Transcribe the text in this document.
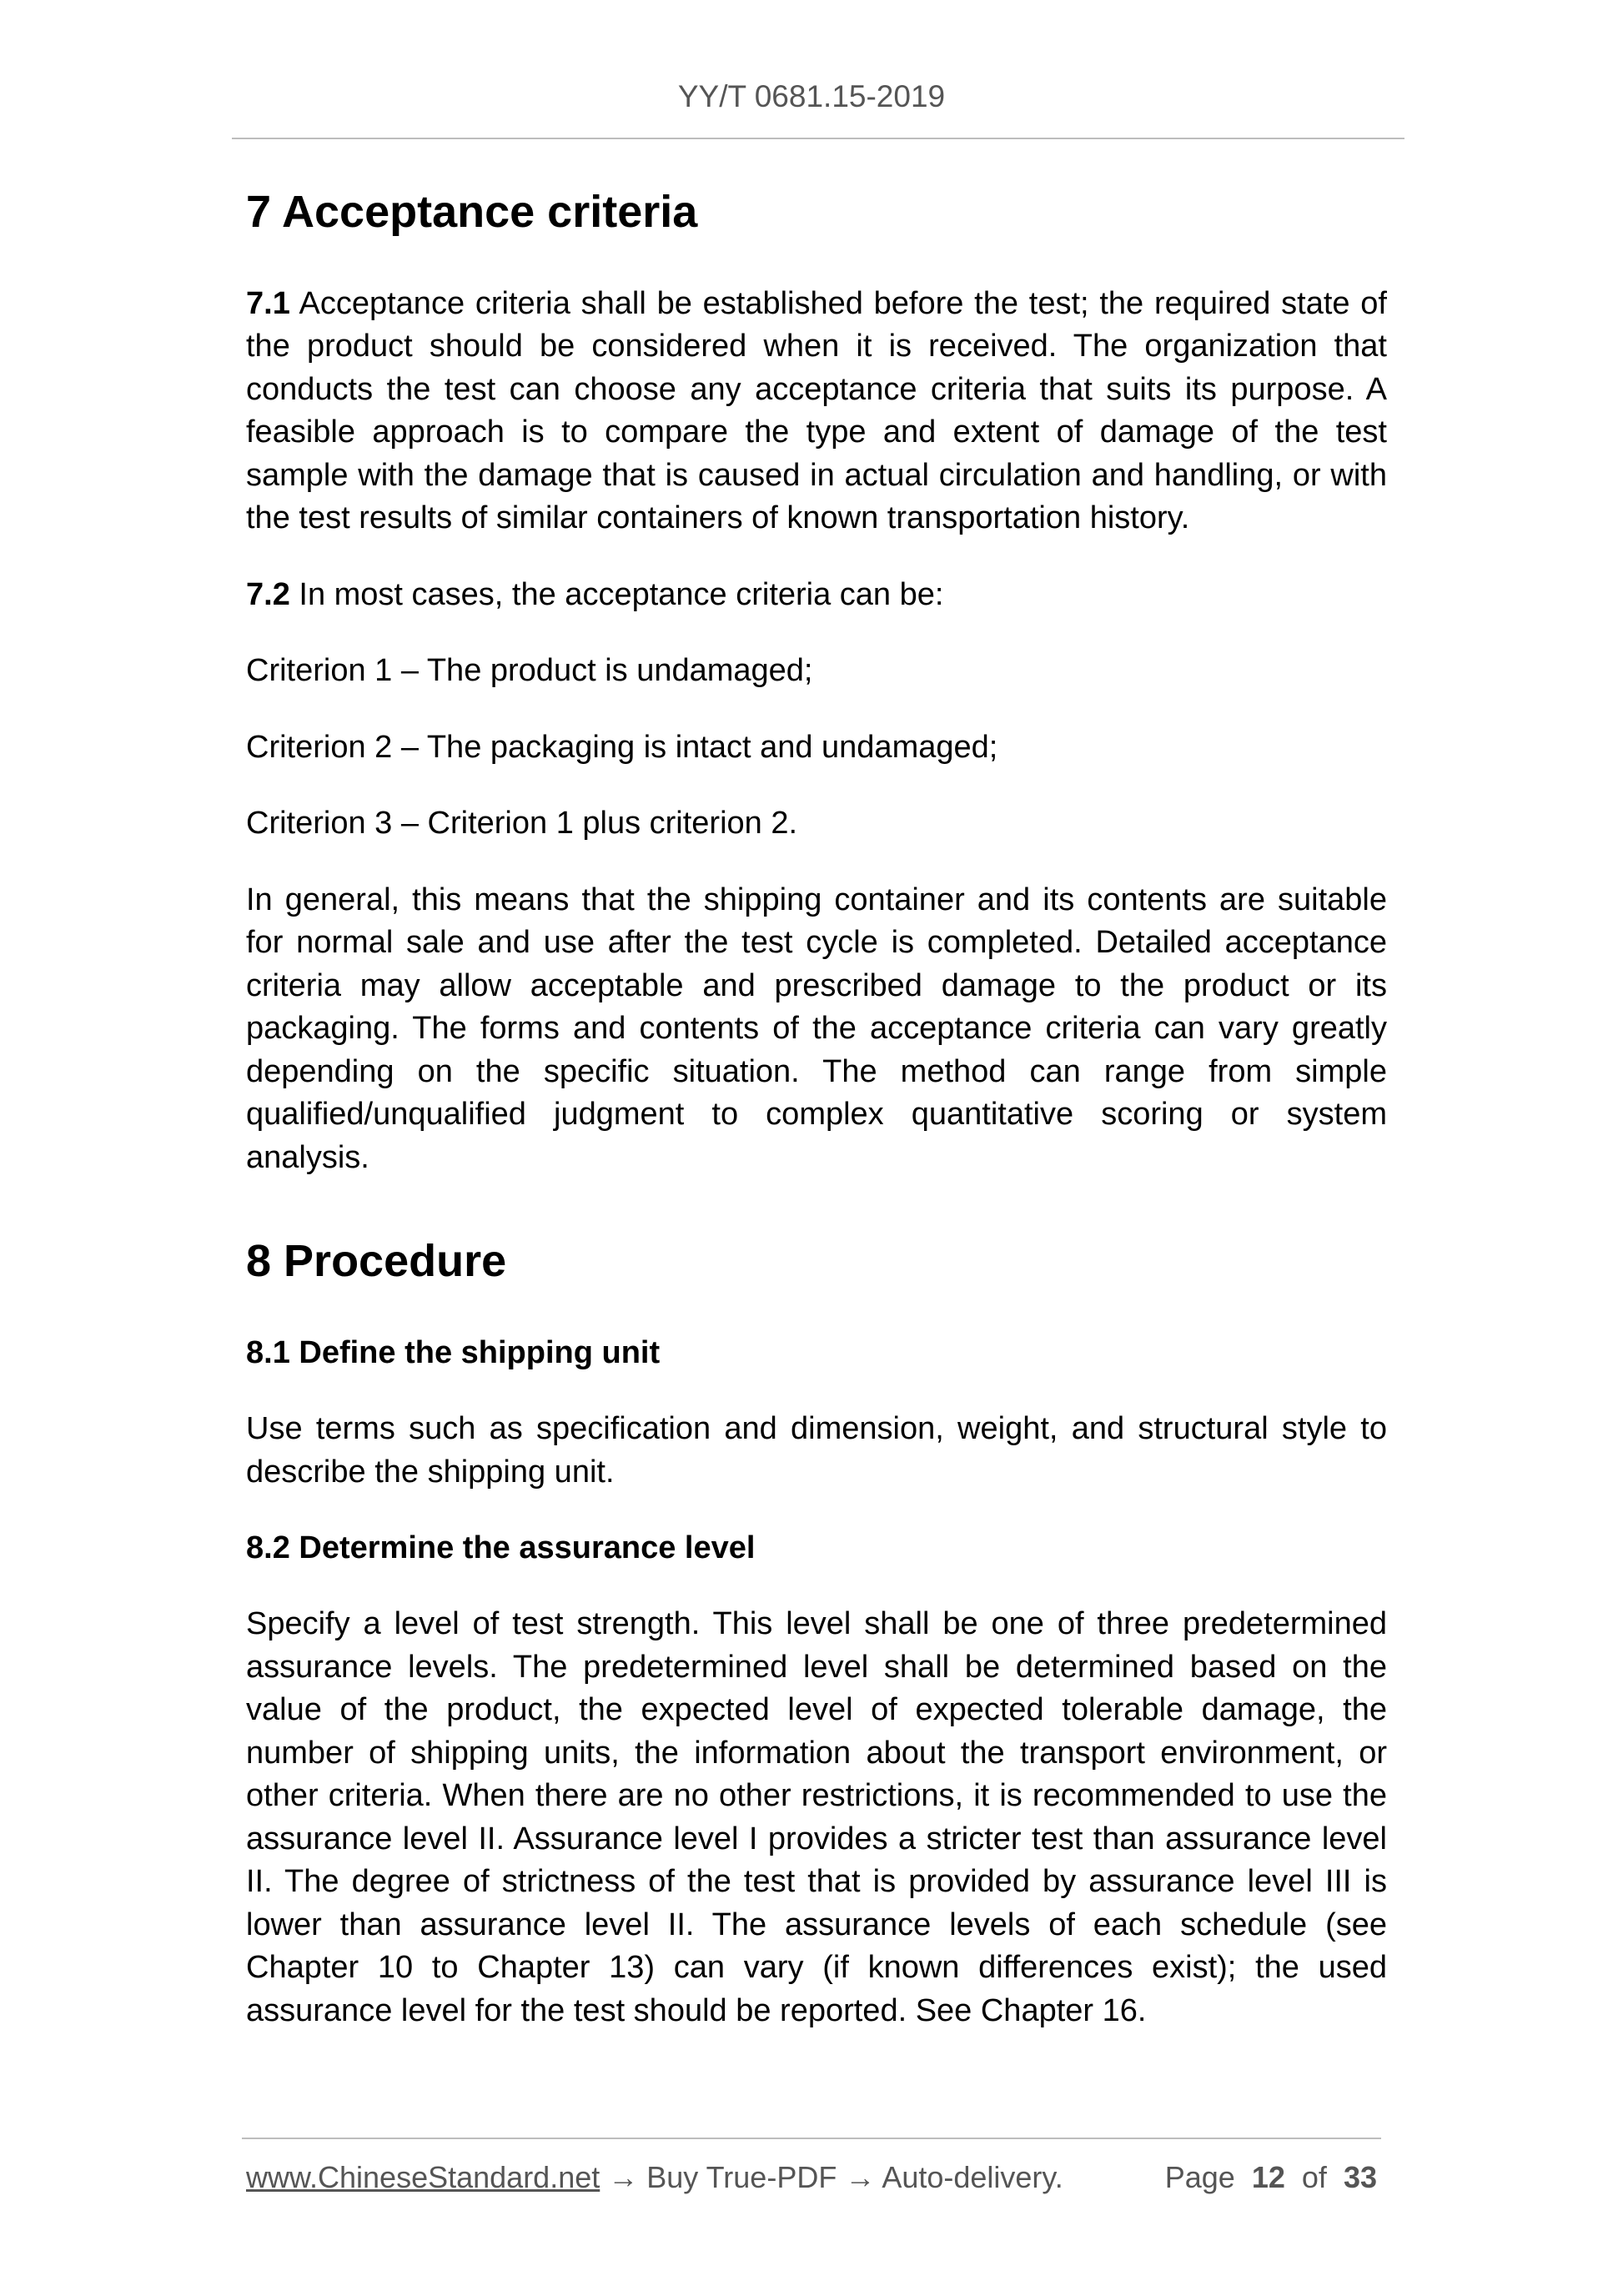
YY/T 0681.15-2019
7 Acceptance criteria

7.1 Acceptance criteria shall be established before the test; the required state of the product should be considered when it is received. The organization that conducts the test can choose any acceptance criteria that suits its purpose. A feasible approach is to compare the type and extent of damage of the test sample with the damage that is caused in actual circulation and handling, or with the test results of similar containers of known transportation history.

7.2 In most cases, the acceptance criteria can be:

Criterion 1 – The product is undamaged;

Criterion 2 – The packaging is intact and undamaged;

Criterion 3 – Criterion 1 plus criterion 2.

In general, this means that the shipping container and its contents are suitable for normal sale and use after the test cycle is completed. Detailed acceptance criteria may allow acceptable and prescribed damage to the product or its packaging. The forms and contents of the acceptance criteria can vary greatly depending on the specific situation. The method can range from simple qualified/unqualified judgment to complex quantitative scoring or system analysis.

8 Procedure
8.1 Define the shipping unit

Use terms such as specification and dimension, weight, and structural style to describe the shipping unit.

8.2 Determine the assurance level

Specify a level of test strength. This level shall be one of three predetermined assurance levels. The predetermined level shall be determined based on the value of the product, the expected level of expected tolerable damage, the number of shipping units, the information about the transport environment, or other criteria. When there are no other restrictions, it is recommended to use the assurance level II. Assurance level I provides a stricter test than assurance level II. The degree of strictness of the test that is provided by assurance level III is lower than assurance level II. The assurance levels of each schedule (see Chapter 10 to Chapter 13) can vary (if known differences exist); the used assurance level for the test should be reported. See Chapter 16.

www.ChineseStandard.net → Buy True-PDF → Auto-delivery.	Page 12 of 33
